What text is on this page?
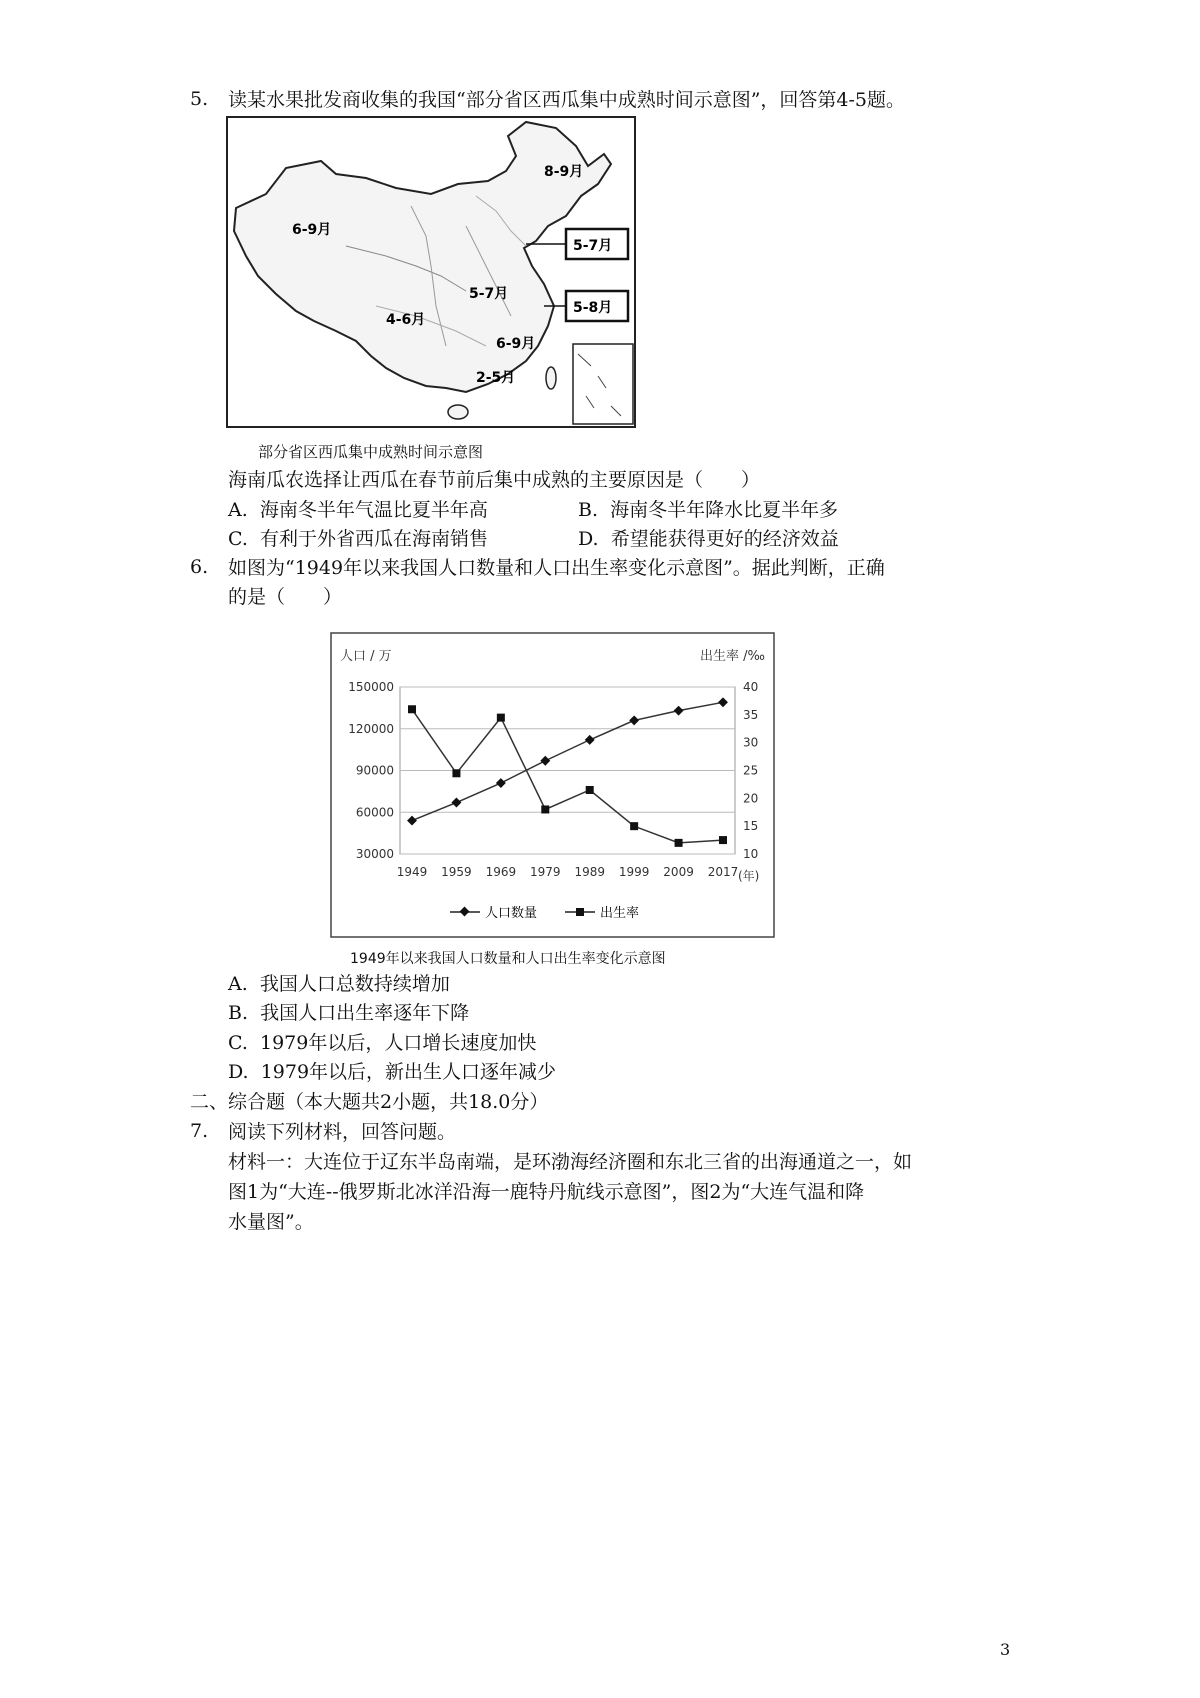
5. 读某水果批发商收集的我国“部分省区西瓜集中成熟时间示意图”，回答第4-5题。
8-9月
6-9月
5-7月
5-7月
5-8月
4-6月
6-9月
2-5月
部分省区西瓜集中成熟时间示意图
海南瓜农选择让西瓜在春节前后集中成熟的主要原因是（　　）
A. 海南冬半年气温比夏半年高	B. 海南冬半年降水比夏半年多
C. 有利于外省西瓜在海南销售	D. 希望能获得更好的经济效益
6. 如图为“1949年以来我国人口数量和人口出生率变化示意图”。据此判断，正确
的是（　　）
人口 / 万	出生率 /‰
150000
120000
90000
60000
30000
40
35
30
25
20
15
10
1949 1959 1969 1979 1989 1999 2009 2017 (年)
人口数量	出生率
1949年以来我国人口数量和人口出生率变化示意图
A. 我国人口总数持续增加
B. 我国人口出生率逐年下降
C. 1979年以后，人口增长速度加快
D. 1979年以后，新出生人口逐年减少
二、综合题（本大题共2小题，共18.0分）
7. 阅读下列材料，回答问题。
材料一：大连位于辽东半岛南端，是环渤海经济圈和东北三省的出海通道之一，如
图1为“大连--俄罗斯北冰洋沿海一鹿特丹航线示意图”，图2为“大连气温和降
水量图”。
3
